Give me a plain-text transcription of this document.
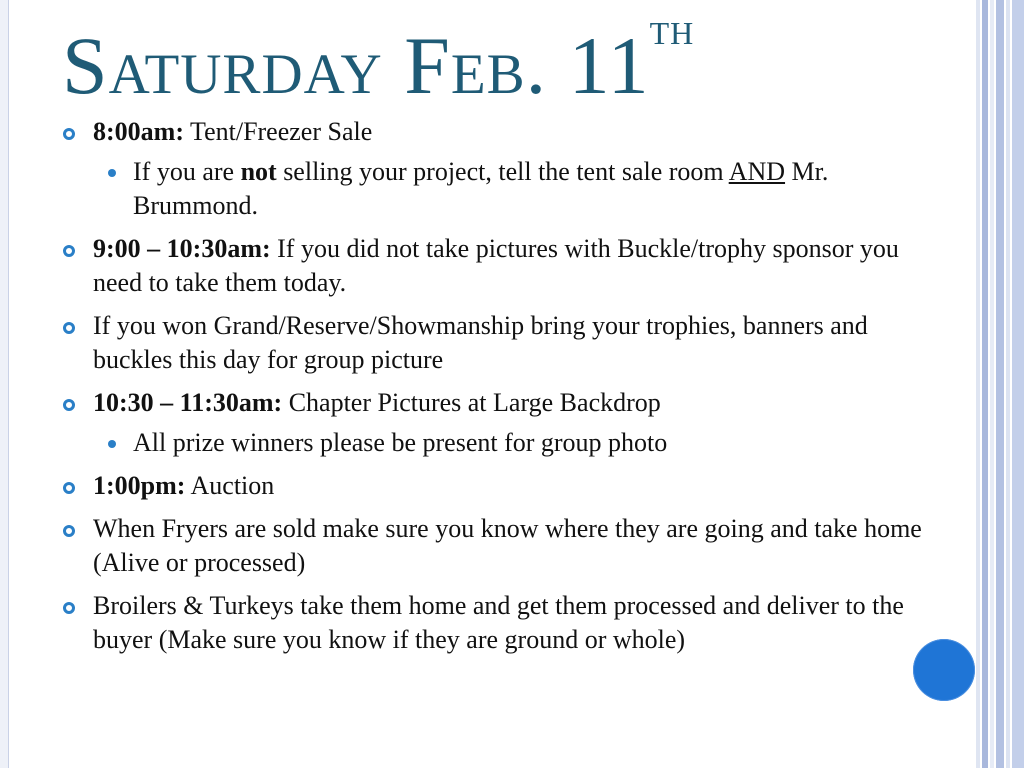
Saturday Feb. 11th
8:00am: Tent/Freezer Sale
If you are not selling your project, tell the tent sale room AND Mr. Brummond.
9:00 – 10:30am: If you did not take pictures with Buckle/trophy sponsor you need to take them today.
If you won Grand/Reserve/Showmanship bring your trophies, banners and buckles this day for group picture
10:30 – 11:30am: Chapter Pictures at Large Backdrop
All prize winners please be present for group photo
1:00pm: Auction
When Fryers are sold make sure you know where they are going and take home (Alive or processed)
Broilers & Turkeys take them home and get them processed and deliver to the buyer (Make sure you know if they are ground or whole)
